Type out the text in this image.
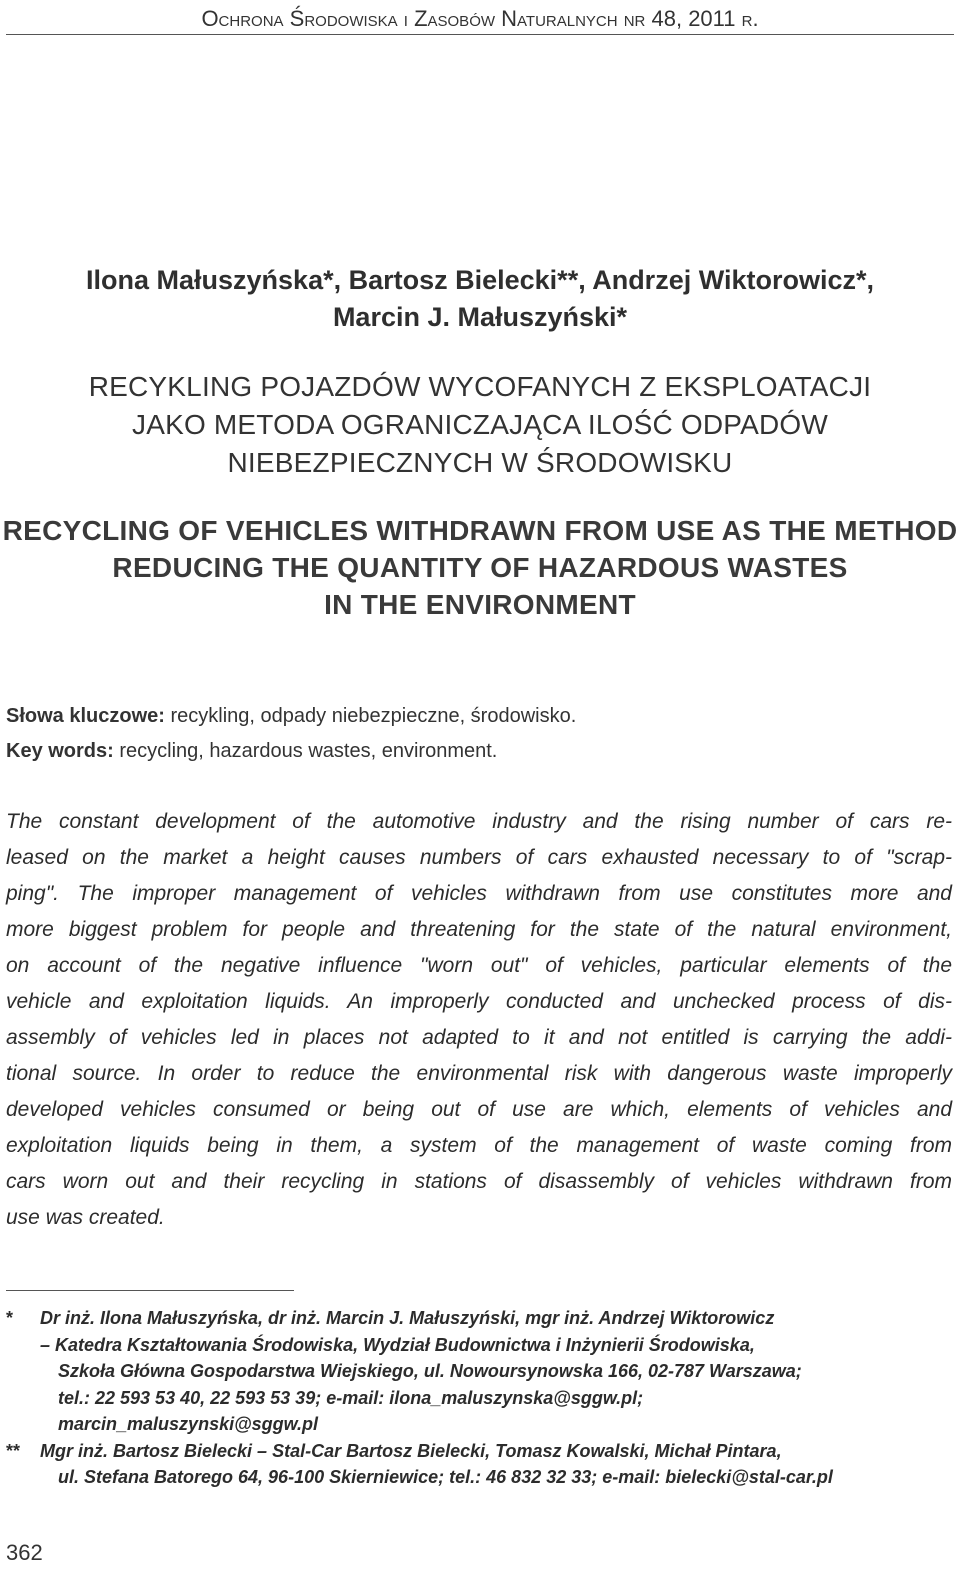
Ochrona Środowiska i Zasobów Naturalnych nr 48, 2011 r.
Ilona Małuszyńska*, Bartosz Bielecki**, Andrzej Wiktorowicz*,
Marcin J. Małuszyński*
RECYKLING POJAZDÓW WYCOFANYCH Z EKSPLOATACJI
JAKO METODA OGRANICZAJĄCA ILOŚĆ ODPADÓW
NIEBEZPIECZNYCH W ŚRODOWISKU
RECYCLING OF VEHICLES WITHDRAWN FROM USE AS THE METHOD
REDUCING THE QUANTITY OF HAZARDOUS WASTES
IN THE ENVIRONMENT
Słowa kluczowe: recykling, odpady niebezpieczne, środowisko.
Key words: recycling, hazardous wastes, environment.
The constant development of the automotive industry and the rising number of cars re-
leased on the market a height causes numbers of cars exhausted necessary to of "scrap-
ping". The improper management of vehicles withdrawn from use constitutes more and
more biggest problem for people and threatening for the state of the natural environment,
on account of the negative influence "worn out" of vehicles, particular elements of the
vehicle and exploitation liquids. An improperly conducted and unchecked process of dis-
assembly of vehicles led in places not adapted to it and not entitled is carrying the addi-
tional source. In order to reduce the environmental risk with dangerous waste improperly
developed vehicles consumed or being out of use are which, elements of vehicles and
exploitation liquids being in them, a system of the management of waste coming from
cars worn out and their recycling in stations of disassembly of vehicles withdrawn from
use was created.
* Dr inż. Ilona Małuszyńska, dr inż. Marcin J. Małuszyński, mgr inż. Andrzej Wiktorowicz
– Katedra Kształtowania Środowiska, Wydział Budownictwa i Inżynierii Środowiska,
Szkoła Główna Gospodarstwa Wiejskiego, ul. Nowoursynowska 166, 02-787 Warszawa;
tel.: 22 593 53 40, 22 593 53 39; e-mail: ilona_maluszynska@sggw.pl;
marcin_maluszynski@sggw.pl
** Mgr inż. Bartosz Bielecki – Stal-Car Bartosz Bielecki, Tomasz Kowalski, Michał Pintara,
ul. Stefana Batorego 64, 96-100 Skierniewice; tel.: 46 832 32 33; e-mail: bielecki@stal-car.pl
362
